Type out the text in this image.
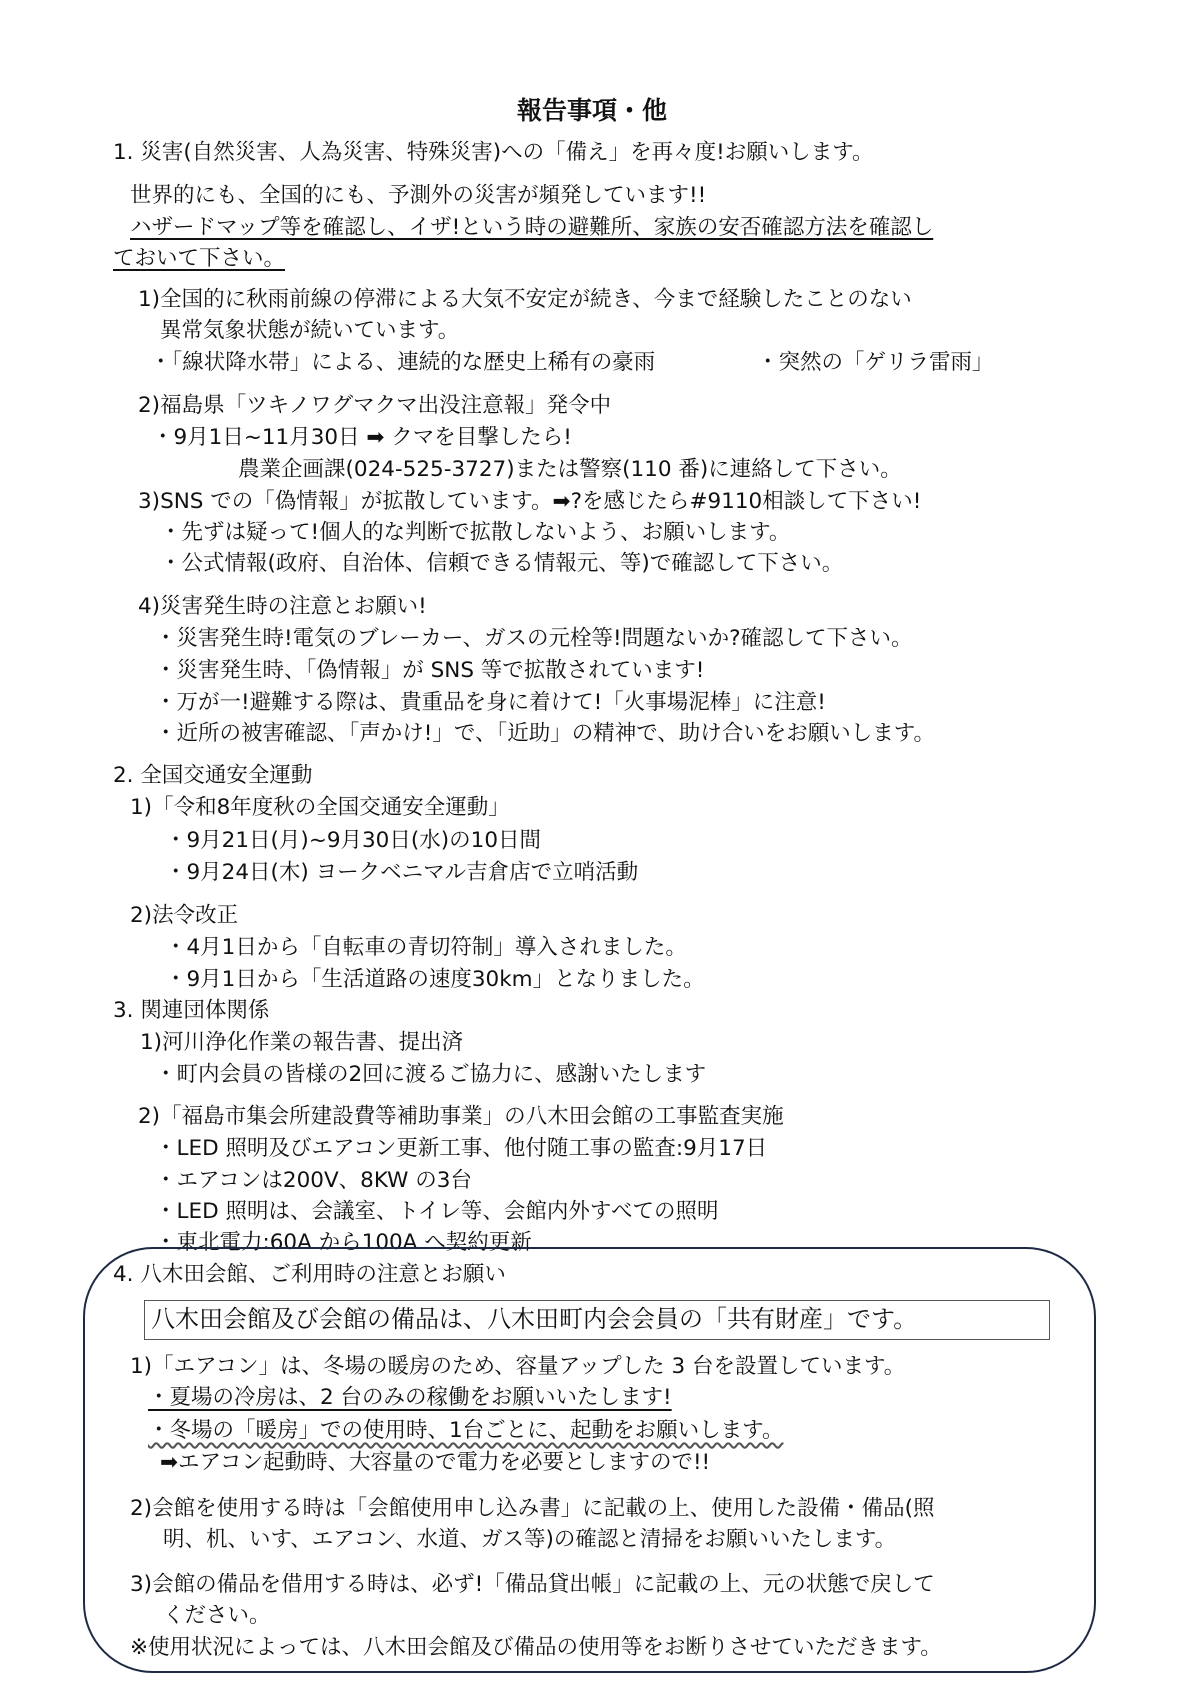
報告事項・他
1. 災害(自然災害、人為災害、特殊災害)への「備え」を再々度!お願いします。
世界的にも、全国的にも、予測外の災害が頻発しています!!
ハザードマップ等を確認し、イザ!という時の避難所、家族の安否確認方法を確認し
ておいて下さい。
1)全国的に秋雨前線の停滞による大気不安定が続き、今まで経験したことのない
異常気象状態が続いています。
・「線状降水帯」による、連続的な歴史上稀有の豪雨	・突然の「ゲリラ雷雨」
2)福島県「ツキノワグマクマ出没注意報」発令中
・9月1日~11月30日 ➡ クマを目撃したら!
農業企画課(024-525-3727)または警察(110 番)に連絡して下さい。
3)SNS での「偽情報」が拡散しています。➡?を感じたら#9110相談して下さい!
・先ずは疑って!個人的な判断で拡散しないよう、お願いします。
・公式情報(政府、自治体、信頼できる情報元、等)で確認して下さい。
4)災害発生時の注意とお願い!
・災害発生時!電気のブレーカー、ガスの元栓等!問題ないか?確認して下さい。
・災害発生時、「偽情報」が SNS 等で拡散されています!
・万が一!避難する際は、貴重品を身に着けて!「火事場泥棒」に注意!
・近所の被害確認、「声かけ!」で、「近助」の精神で、助け合いをお願いします。
2. 全国交通安全運動
1)「令和8年度秋の全国交通安全運動」
・9月21日(月)~9月30日(水)の10日間
・9月24日(木) ヨークベニマル吉倉店で立哨活動
2)法令改正
・4月1日から「自転車の青切符制」導入されました。
・9月1日から「生活道路の速度30km」となりました。
3. 関連団体関係
1)河川浄化作業の報告書、提出済
・町内会員の皆様の2回に渡るご協力に、感謝いたします
2)「福島市集会所建設費等補助事業」の八木田会館の工事監査実施
・LED 照明及びエアコン更新工事、他付随工事の監査:9月17日
・エアコンは200V、8KW の3台
・LED 照明は、会議室、トイレ等、会館内外すべての照明
・東北電力:60A から100A へ契約更新
4. 八木田会館、ご利用時の注意とお願い
八木田会館及び会館の備品は、八木田町内会会員の「共有財産」です。
1)「エアコン」は、冬場の暖房のため、容量アップした 3 台を設置しています。
・夏場の冷房は、2 台のみの稼働をお願いいたします!
・冬場の「暖房」での使用時、1台ごとに、起動をお願いします。
➡エアコン起動時、大容量ので電力を必要としますので!!
2)会館を使用する時は「会館使用申し込み書」に記載の上、使用した設備・備品(照
明、机、いす、エアコン、水道、ガス等)の確認と清掃をお願いいたします。
3)会館の備品を借用する時は、必ず!「備品貸出帳」に記載の上、元の状態で戻して
ください。
※使用状況によっては、八木田会館及び備品の使用等をお断りさせていただきます。
